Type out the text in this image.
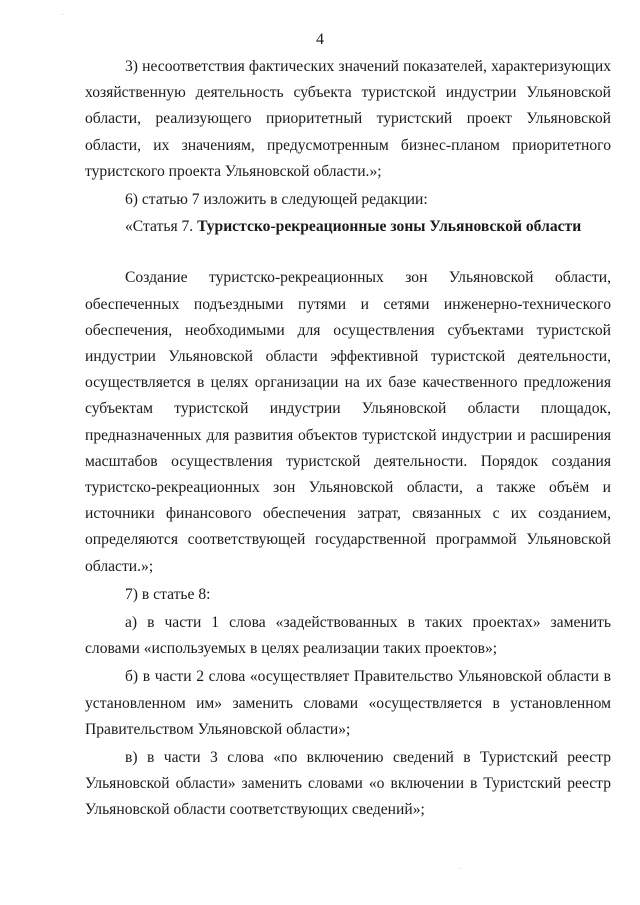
4

3) несоответствия фактических значений показателей, характеризующих хозяйственную деятельность субъекта туристской индустрии Ульяновской области, реализующего приоритетный туристский проект Ульяновской области, их значениям, предусмотренным бизнес-планом приоритетного туристского проекта Ульяновской области.»;

6) статью 7 изложить в следующей редакции:

«Статья 7. Туристско-рекреационные зоны Ульяновской области

Создание туристско-рекреационных зон Ульяновской области, обеспеченных подъездными путями и сетями инженерно-технического обеспечения, необходимыми для осуществления субъектами туристской индустрии Ульяновской области эффективной туристской деятельности, осуществляется в целях организации на их базе качественного предложения субъектам туристской индустрии Ульяновской области площадок, предназначенных для развития объектов туристской индустрии и расширения масштабов осуществления туристской деятельности. Порядок создания туристско-рекреационных зон Ульяновской области, а также объём и источники финансового обеспечения затрат, связанных с их созданием, определяются соответствующей государственной программой Ульяновской области.»;

7) в статье 8:

а) в части 1 слова «задействованных в таких проектах» заменить словами «используемых в целях реализации таких проектов»;

б) в части 2 слова «осуществляет Правительство Ульяновской области в установленном им» заменить словами «осуществляется в установленном Правительством Ульяновской области»;

в) в части 3 слова «по включению сведений в Туристский реестр Ульяновской области» заменить словами «о включении в Туристский реестр Ульяновской области соответствующих сведений»;
